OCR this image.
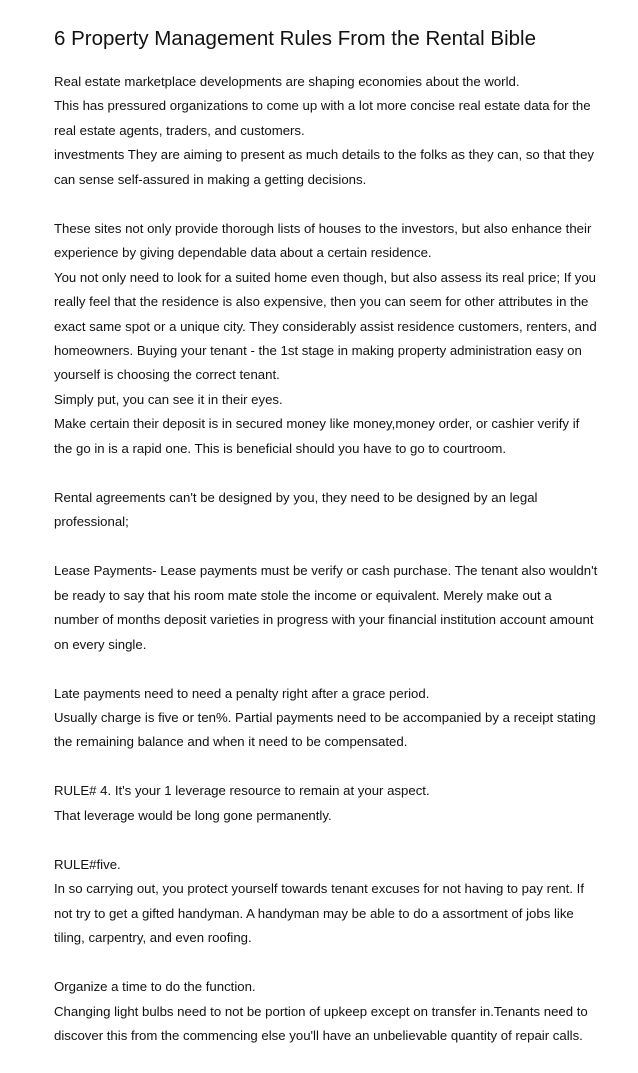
6 Property Management Rules From the Rental Bible
Real estate marketplace developments are shaping economies about the world.
This has pressured organizations to come up with a lot more concise real estate data for the
real estate agents, traders, and customers.
investments They are aiming to present as much details to the folks as they can, so that they
can sense self-assured in making a getting decisions.
These sites not only provide thorough lists of houses to the investors, but also enhance their
experience by giving dependable data about a certain residence.
You not only need to look for a suited home even though, but also assess its real price; If you
really feel that the residence is also expensive, then you can seem for other attributes in the
exact same spot or a unique city. They considerably assist residence customers, renters, and
homeowners. Buying your tenant - the 1st stage in making property administration easy on
yourself is choosing the correct tenant.
Simply put, you can see it in their eyes.
Make certain their deposit is in secured money like money,money order, or cashier verify if
the go in is a rapid one. This is beneficial should you have to go to courtroom.
Rental agreements can't be designed by you, they need to be designed by an legal
professional;
Lease Payments- Lease payments must be verify or cash purchase. The tenant also wouldn't
be ready to say that his room mate stole the income or equivalent. Merely make out a
number of months deposit varieties in progress with your financial institution account amount
on every single.
Late payments need to need a penalty right after a grace period.
Usually charge is five or ten%. Partial payments need to be accompanied by a receipt stating
the remaining balance and when it need to be compensated.
RULE# 4. It's your 1 leverage resource to remain at your aspect.
That leverage would be long gone permanently.
RULE#five.
In so carrying out, you protect yourself towards tenant excuses for not having to pay rent. If
not try to get a gifted handyman. A handyman may be able to do a assortment of jobs like
tiling, carpentry, and even roofing.
Organize a time to do the function.
Changing light bulbs need to not be portion of upkeep except on transfer in.Tenants need to
discover this from the commencing else you'll have an unbelievable quantity of repair calls.
